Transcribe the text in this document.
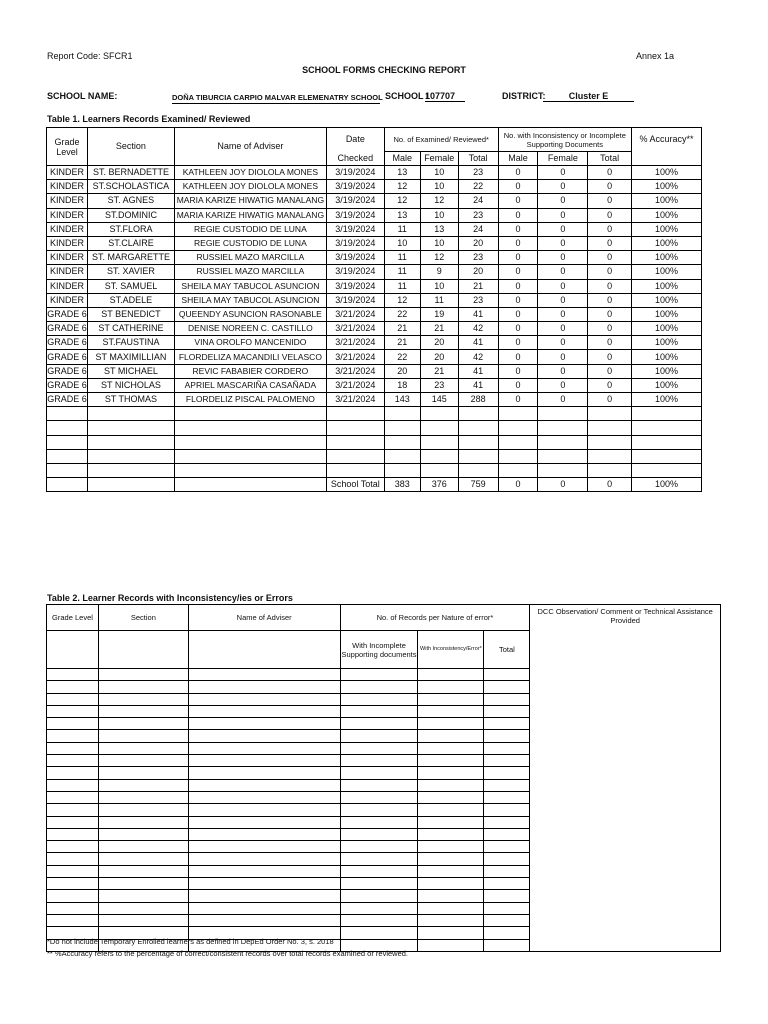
Report Code: SFCR1	Annex 1a
SCHOOL FORMS CHECKING REPORT
SCHOOL NAME:	DOÑA TIBURCIA CARPIO MALVAR ELEMENATRY SCHOOL SCHOOL I
107707	DISTRICT:	Cluster E
Table 1. Learners Records Examined/ Reviewed
Grade Level	Section	Name of Adviser	Date	No. of Examined/ Reviewed*			No. with Inconsistency or Incomplete Supporting Documents			% Accuracy**
			Checked	Male	Female	Total	Male	Female	Total	
KINDER	ST. BERNADETTE	KATHLEEN JOY DIOLOLA MONES	3/19/2024	13	10	23	0	0	0	100%
KINDER	ST.SCHOLASTICA	KATHLEEN JOY DIOLOLA MONES	3/19/2024	12	10	22	0	0	0	100%
KINDER	ST. AGNES	MARIA KARIZE HIWATIG MANALANG	3/19/2024	12	12	24	0	0	0	100%
KINDER	ST.DOMINIC	MARIA KARIZE HIWATIG MANALANG	3/19/2024	13	10	23	0	0	0	100%
KINDER	ST.FLORA	REGIE CUSTODIO DE LUNA	3/19/2024	11	13	24	0	0	0	100%
KINDER	ST.CLAIRE	REGIE CUSTODIO DE LUNA	3/19/2024	10	10	20	0	0	0	100%
KINDER	ST. MARGARETTE	RUSSIEL MAZO MARCILLA	3/19/2024	11	12	23	0	0	0	100%
KINDER	ST. XAVIER	RUSSIEL MAZO MARCILLA	3/19/2024	11	9	20	0	0	0	100%
KINDER	ST. SAMUEL	SHEILA MAY TABUCOL ASUNCION	3/19/2024	11	10	21	0	0	0	100%
KINDER	ST.ADELE	SHEILA MAY TABUCOL ASUNCION	3/19/2024	12	11	23	0	0	0	100%
GRADE 6	ST BENEDICT	QUEENDY ASUNCION RASONABLE	3/21/2024	22	19	41	0	0	0	100%
GRADE 6	ST CATHERINE	DENISE NOREEN C. CASTILLO	3/21/2024	21	21	42	0	0	0	100%
GRADE 6	ST.FAUSTINA	VINA OROLFO MANCENIDO	3/21/2024	21	20	41	0	0	0	100%
GRADE 6	ST MAXIMILLIAN	FLORDELIZA MACANDILI VELASCO	3/21/2024	22	20	42	0	0	0	100%
GRADE 6	ST MICHAEL	REVIC FABABIER CORDERO	3/21/2024	20	21	41	0	0	0	100%
GRADE 6	ST NICHOLAS	APRIEL MASCARIÑA CASAÑADA	3/21/2024	18	23	41	0	0	0	100%
GRADE 6	ST THOMAS	FLORDELIZ PISCAL PALOMENO	3/21/2024	143	145	288	0	0	0	100%

			School Total	383	376	759	0	0	0	100%
Table 2. Learner Records with Inconsistency/ies or Errors
Grade Level	Section	Name of Adviser	No. of Records per Nature of error*			DCC Observation/ Comment or Technical Assistance Provided
			With Incomplete Supporting documents	With Inconsistency/Error*	Total	

*Do not include Temporary Enrolled learners as defined in DepEd Order No. 3, s. 2018
** %Accuracy refers to the percentage of correct/consistent records over total records examined or reviewed.
